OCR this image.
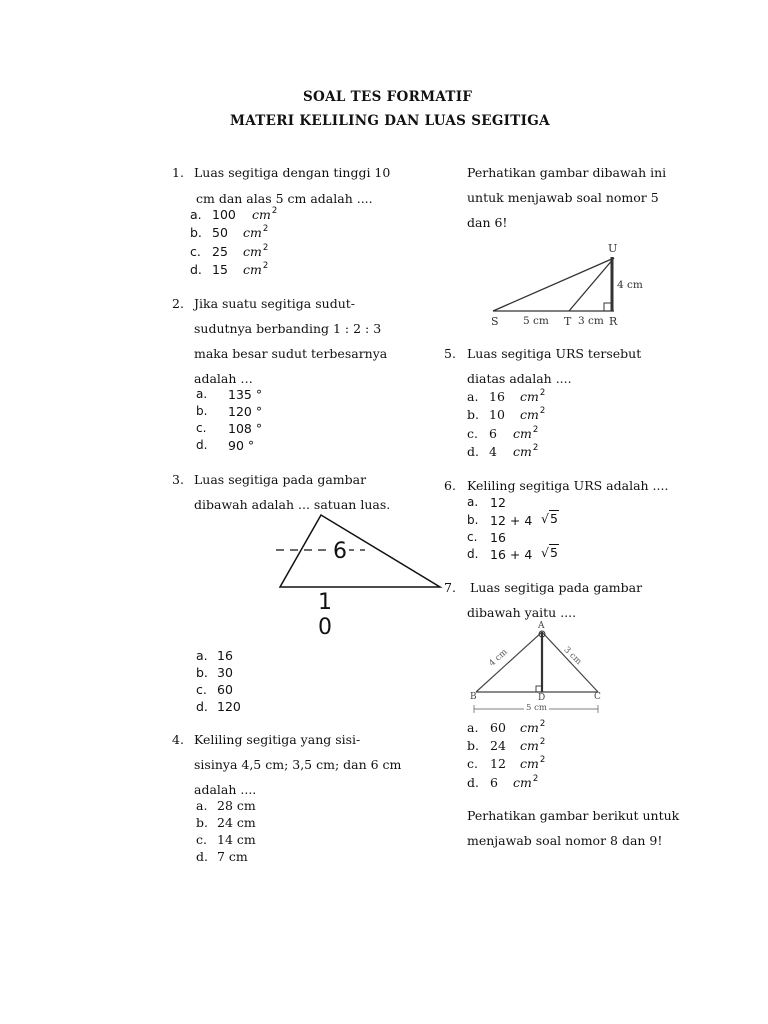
SOAL TES FORMATIF
MATERI KELILING DAN LUAS SEGITIGA
1. Luas segitiga dengan tinggi 10
cm dan alas 5 cm adalah ....
a. 100 $cm^2$
b. 50 $cm^2$
c. 25 $cm^2$
d. 15 $cm^2$
2. Jika suatu segitiga sudut-
sudutnya berbanding 1 : 2 : 3
maka besar sudut terbesarnya
adalah …
a. 135 °
b. 120 °
c. 108 °
d. 90 °
3. Luas segitiga pada gambar
dibawah adalah ... satuan luas.
6
1
0
a. 16
b. 30
c. 60
d. 120
4. Keliling segitiga yang sisi-
sisinya 4,5 cm; 3,5 cm; dan 6 cm
adalah ....
a. 28 cm
b. 24 cm
c. 14 cm
d. 7 cm
Perhatikan gambar dibawah ini
untuk menjawab soal nomor 5
dan 6!
U
4 cm
S 5 cm T 3 cm R
5. Luas segitiga URS tersebut
diatas adalah ....
a. 16 $cm^2$
b. 10 $cm^2$
c. 6 $cm^2$
d. 4 $cm^2$
6. Keliling segitiga URS adalah ....
a. 12
b. 12 + 4 √5
c. 16
d. 16 + 4 √5
7. Luas segitiga pada gambar
dibawah yaitu ....
A
4 cm	3 cm
B	D	C
5 cm
a. 60 $cm^2$
b. 24 $cm^2$
c. 12 $cm^2$
d. 6 $cm^2$
Perhatikan gambar berikut untuk
menjawab soal nomor 8 dan 9!
